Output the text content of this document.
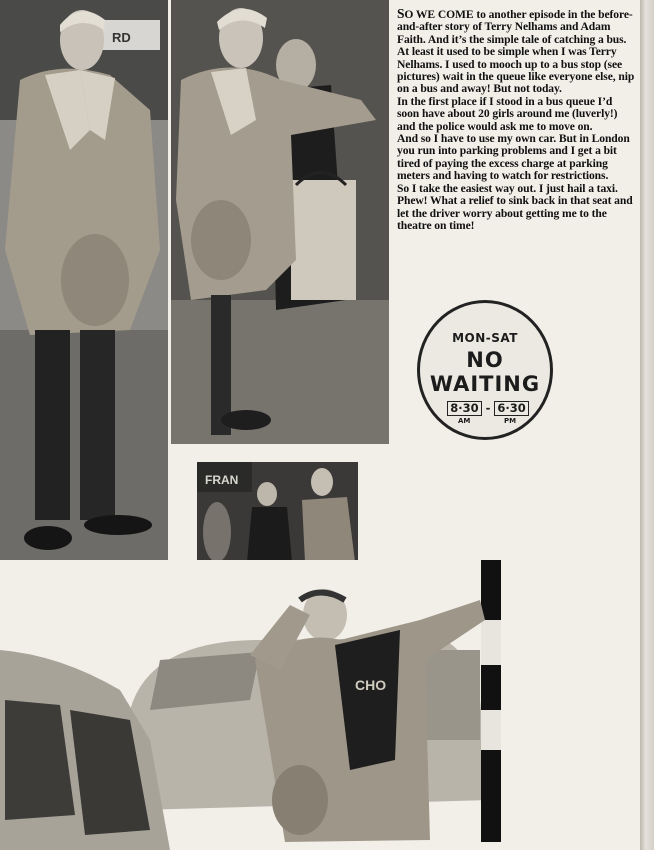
RD
FRAN

SO WE COME to another episode in the before-and-after story of Terry Nelhams and Adam Faith. And it’s the simple tale of catching a bus. At least it used to be simple when I was Terry Nelhams. I used to mooch up to a bus stop (see pictures) wait in the queue like everyone else, nip on a bus and away! But not today.

In the first place if I stood in a bus queue I’d soon have about 20 girls around me (luverly!) and the police would ask me to move on.

And so I have to use my own car. But in London you run into parking problems and I get a bit tired of paying the excess charge at parking meters and having to watch for restrictions.

So I take the easiest way out. I just hail a taxi.

Phew! What a relief to sink back in that seat and let the driver worry about getting me to the theatre on time!

CHO
MON-SAT
NO
WAITING
8·30 - 6·30
AM	PM
